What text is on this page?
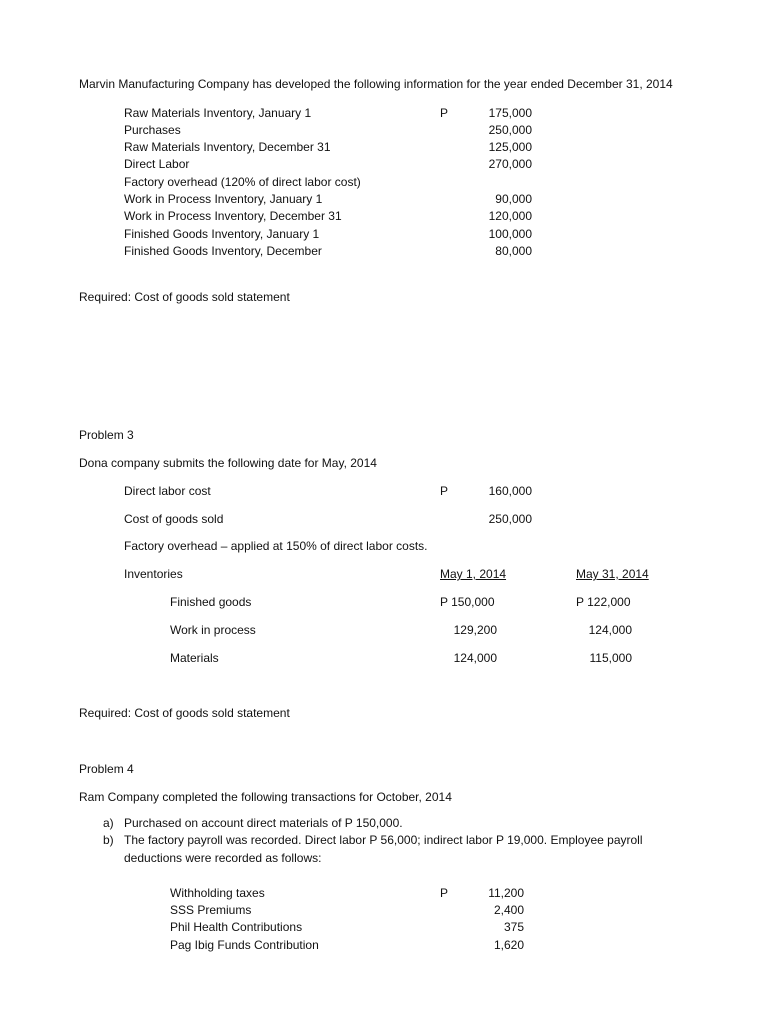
Marvin Manufacturing Company has developed the following information for the year ended December 31, 2014
Raw Materials Inventory, January 1	P	175,000
Purchases	250,000
Raw Materials Inventory, December 31	125,000
Direct Labor	270,000
Factory overhead (120% of direct labor cost)
Work in Process Inventory, January 1	90,000
Work in Process Inventory, December 31	120,000
Finished Goods Inventory, January 1	100,000
Finished Goods Inventory, December	80,000
Required: Cost of goods sold statement
Problem 3
Dona company submits the following date for May, 2014
Direct labor cost	P	160,000
Cost of goods sold	250,000
Factory overhead – applied at 150% of direct labor costs.
Inventories	May 1, 2014	May 31, 2014
Finished goods	P 150,000	P 122,000
Work in process	129,200	124,000
Materials	124,000	115,000
Required: Cost of goods sold statement
Problem 4
Ram Company completed the following transactions for October, 2014
a) Purchased on account direct materials of P 150,000.
b) The factory payroll was recorded. Direct labor P 56,000; indirect labor P 19,000. Employee payroll
deductions were recorded as follows:
Withholding taxes	P	11,200
SSS Premiums	2,400
Phil Health Contributions	375
Pag Ibig Funds Contribution	1,620
